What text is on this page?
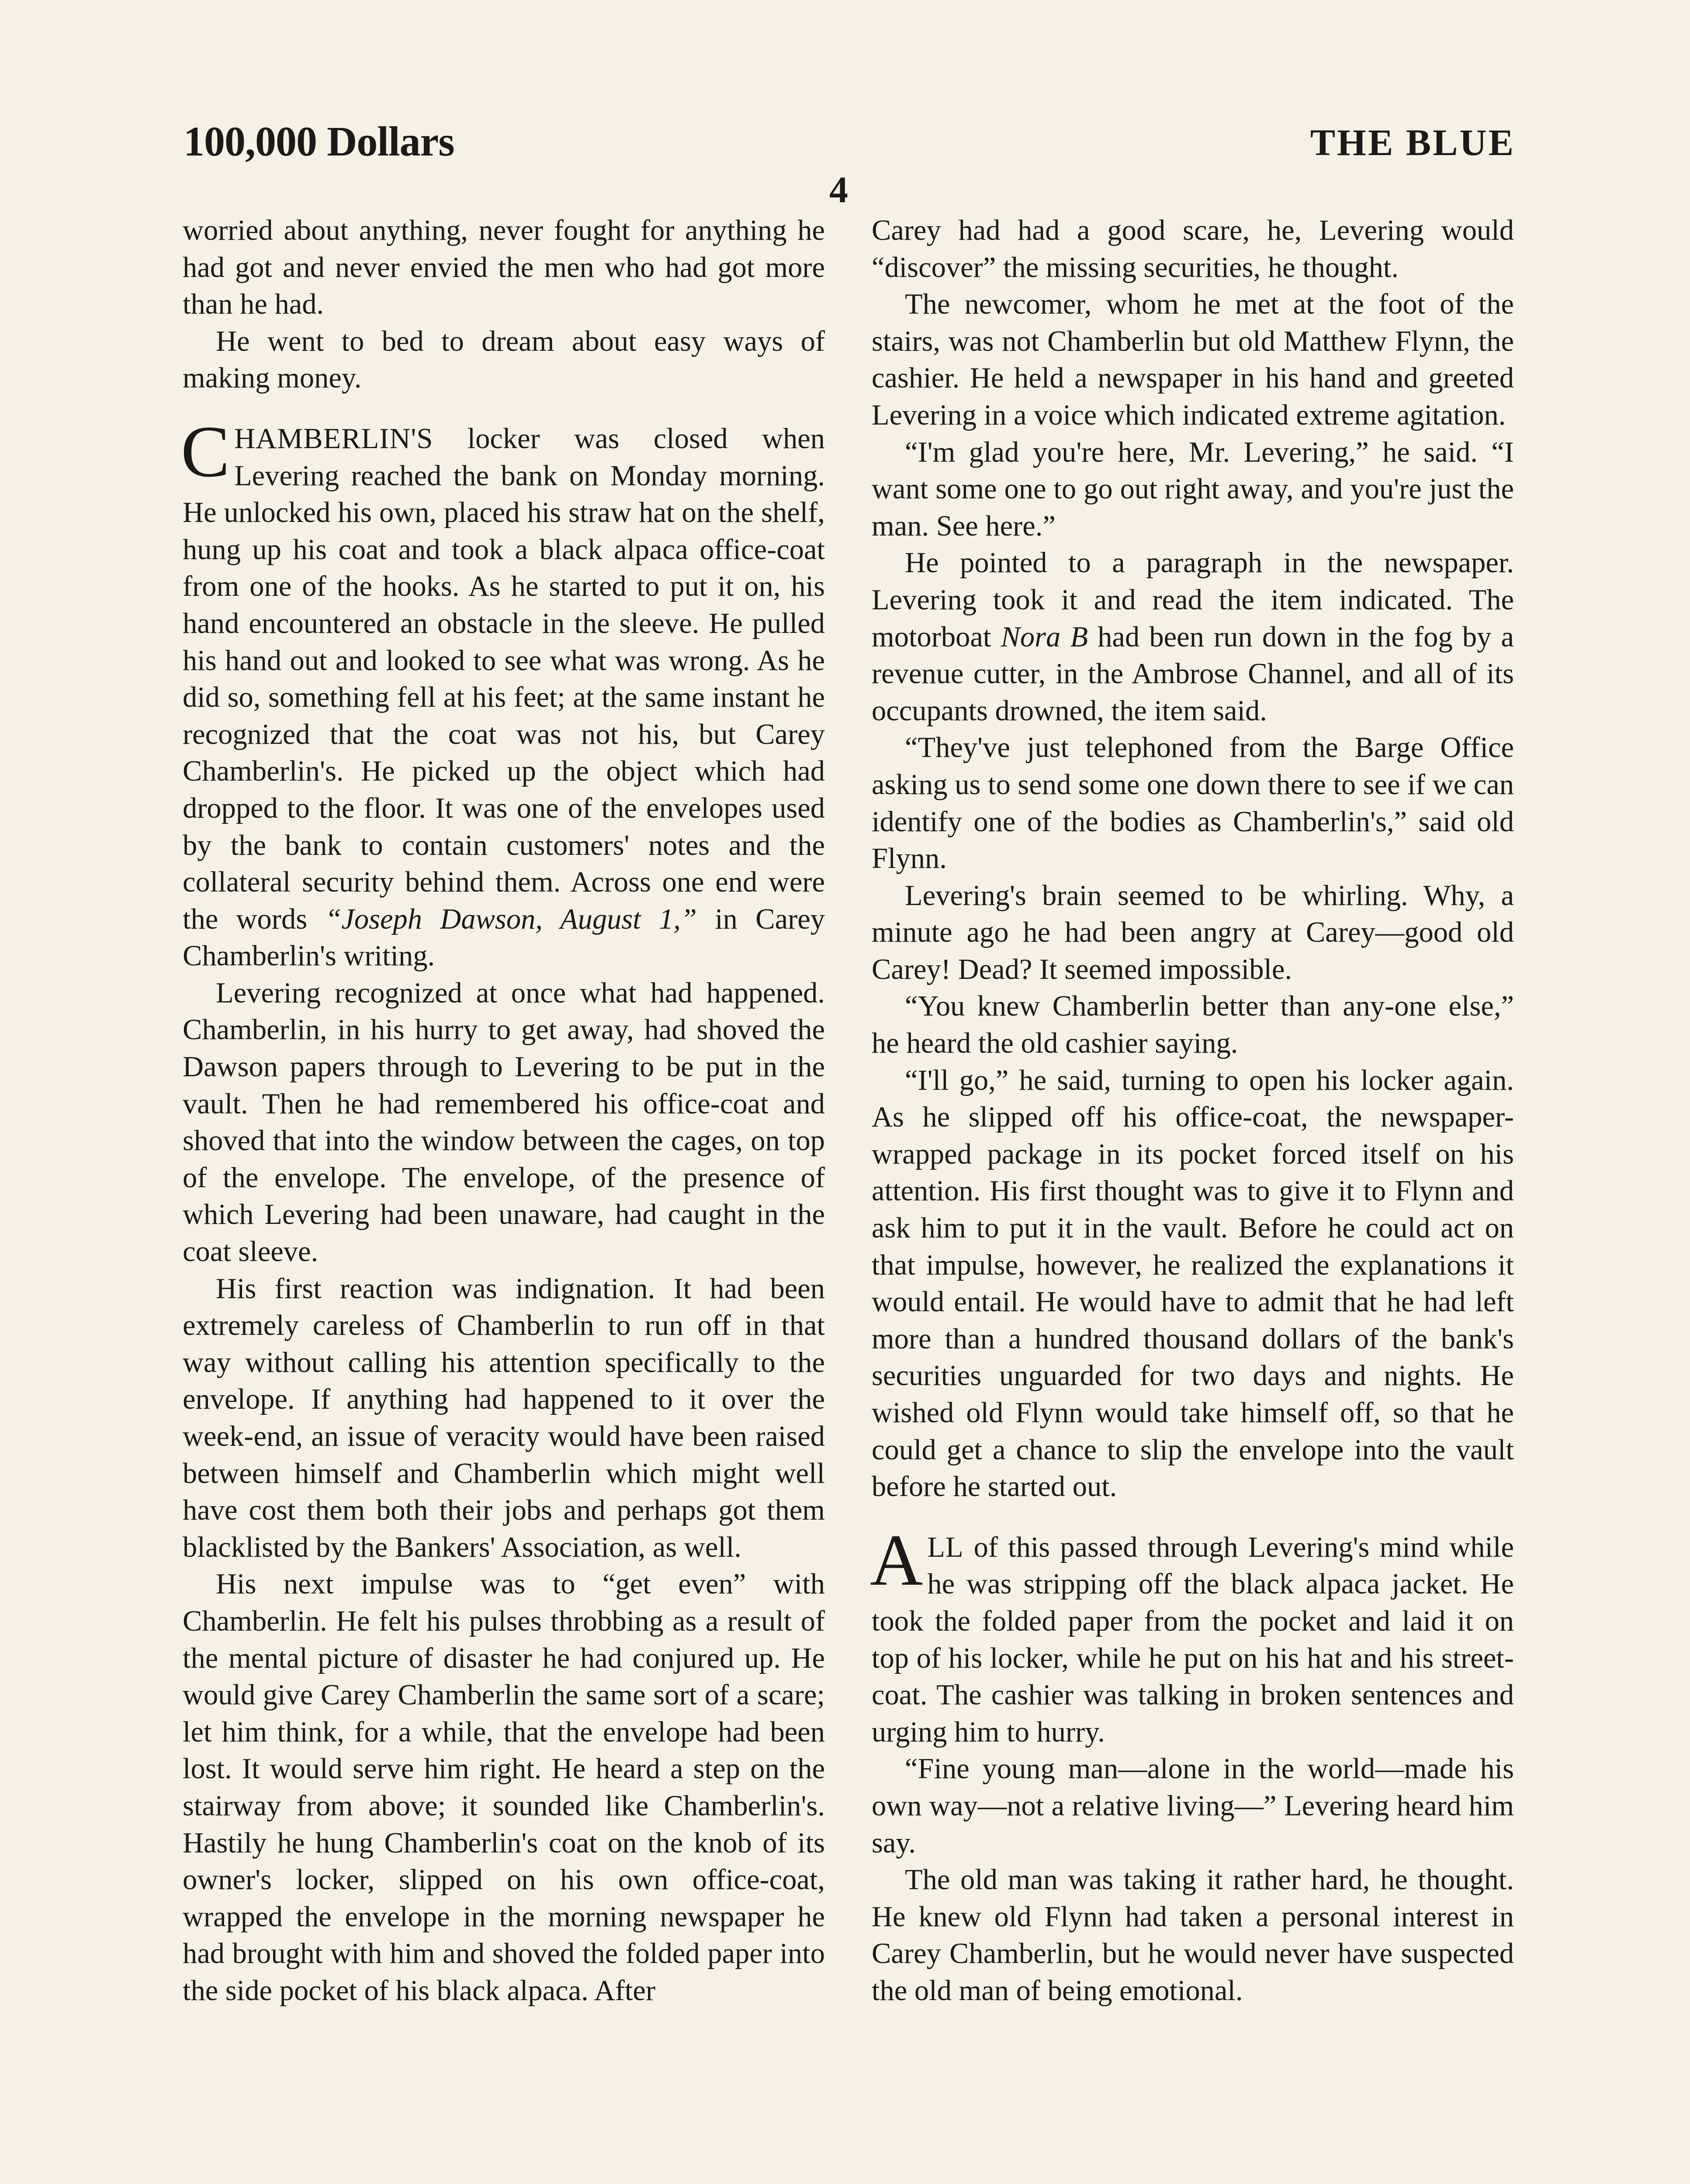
100,000 Dollars	THE BLUE
4

worried about anything, never fought for anything he had got and never envied the men who had got more than he had.

He went to bed to dream about easy ways of making money.

CHAMBERLIN'S locker was closed when Levering reached the bank on Monday morning. He unlocked his own, placed his straw hat on the shelf, hung up his coat and took a black alpaca office-coat from one of the hooks. As he started to put it on, his hand encountered an obstacle in the sleeve. He pulled his hand out and looked to see what was wrong. As he did so, something fell at his feet; at the same instant he recognized that the coat was not his, but Carey Chamberlin's. He picked up the object which had dropped to the floor. It was one of the envelopes used by the bank to contain customers' notes and the collateral security behind them. Across one end were the words “Joseph Dawson, August 1,” in Carey Chamberlin's writing.

Levering recognized at once what had happened. Chamberlin, in his hurry to get away, had shoved the Dawson papers through to Levering to be put in the vault. Then he had remembered his office-coat and shoved that into the window between the cages, on top of the envelope. The envelope, of the presence of which Levering had been unaware, had caught in the coat sleeve.

His first reaction was indignation. It had been extremely careless of Chamberlin to run off in that way without calling his attention specifically to the envelope. If anything had happened to it over the week-end, an issue of veracity would have been raised between himself and Chamberlin which might well have cost them both their jobs and perhaps got them blacklisted by the Bankers' Association, as well.

His next impulse was to “get even” with Chamberlin. He felt his pulses throbbing as a result of the mental picture of disaster he had conjured up. He would give Carey Chamberlin the same sort of a scare; let him think, for a while, that the envelope had been lost. It would serve him right. He heard a step on the stairway from above; it sounded like Chamberlin's. Hastily he hung Chamberlin's coat on the knob of its owner's locker, slipped on his own office-coat, wrapped the envelope in the morning newspaper he had brought with him and shoved the folded paper into the side pocket of his black alpaca. After

Carey had had a good scare, he, Levering would “discover” the missing securities, he thought.

The newcomer, whom he met at the foot of the stairs, was not Chamberlin but old Matthew Flynn, the cashier. He held a newspaper in his hand and greeted Levering in a voice which indicated extreme agitation.

“I'm glad you're here, Mr. Levering,” he said. “I want some one to go out right away, and you're just the man. See here.”

He pointed to a paragraph in the newspaper. Levering took it and read the item indicated. The motorboat Nora B had been run down in the fog by a revenue cutter, in the Ambrose Channel, and all of its occupants drowned, the item said.

“They've just telephoned from the Barge Office asking us to send some one down there to see if we can identify one of the bodies as Chamberlin's,” said old Flynn.

Levering's brain seemed to be whirling. Why, a minute ago he had been angry at Carey—good old Carey! Dead? It seemed impossible.

“You knew Chamberlin better than any-one else,” he heard the old cashier saying.

“I'll go,” he said, turning to open his locker again. As he slipped off his office-coat, the newspaper-wrapped package in its pocket forced itself on his attention. His first thought was to give it to Flynn and ask him to put it in the vault. Before he could act on that impulse, however, he realized the explanations it would entail. He would have to admit that he had left more than a hundred thousand dollars of the bank's securities unguarded for two days and nights. He wished old Flynn would take himself off, so that he could get a chance to slip the envelope into the vault before he started out.

ALL of this passed through Levering's mind while he was stripping off the black alpaca jacket. He took the folded paper from the pocket and laid it on top of his locker, while he put on his hat and his street-coat. The cashier was talking in broken sentences and urging him to hurry.

“Fine young man—alone in the world—made his own way—not a relative living—” Levering heard him say.

The old man was taking it rather hard, he thought. He knew old Flynn had taken a personal interest in Carey Chamberlin, but he would never have suspected the old man of being emotional.
